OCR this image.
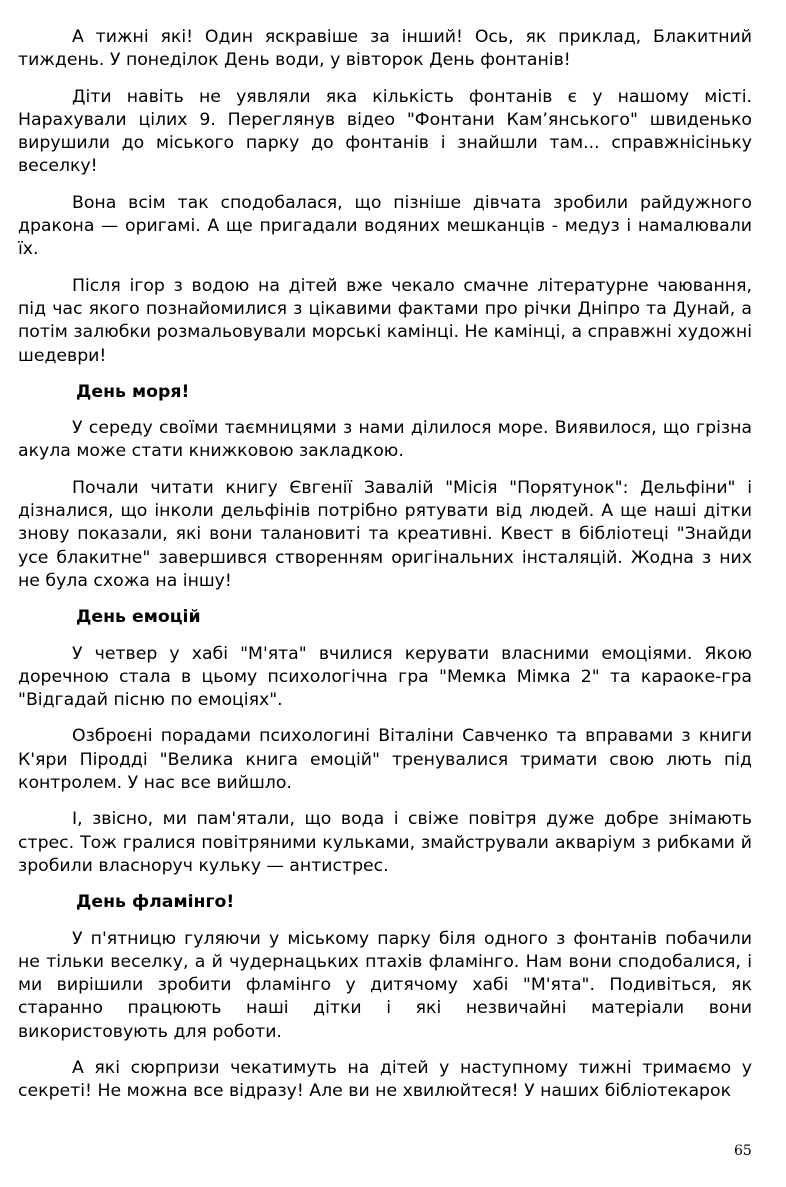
А тижні які! Один яскравіше за інший! Ось, як приклад, Блакитний тиждень. У понеділок День води, у вівторок День фонтанів!

Діти навіть не уявляли яка кількість фонтанів є у нашому місті. Нарахували цілих 9. Переглянув відео "Фонтани Кам’янського" швиденько вирушили до міського парку до фонтанів і знайшли там... справжнісіньку веселку!

Вона всім так сподобалася, що пізніше дівчата зробили райдужного дракона — оригамі. А ще пригадали водяних мешканців - медуз і намалювали їх.

Після ігор з водою на дітей вже чекало смачне літературне чаювання, під час якого познайомилися з цікавими фактами про річки Дніпро та Дунай, а потім залюбки розмальовували морські камінці. Не камінці, а справжні художні шедеври!

День моря!

У середу своїми таємницями з нами ділилося море. Виявилося, що грізна акула може стати книжковою закладкою.

Почали читати книгу Євгенії Завалій "Місія "Порятунок": Дельфіни" і дізналися, що інколи дельфінів потрібно рятувати від людей. А ще наші дітки знову показали, які вони талановиті та креативні. Квест в бібліотеці "Знайди усе блакитне" завершився створенням оригінальних інсталяцій. Жодна з них не була схожа на іншу!

День емоцій

У четвер у хабі "М'ята" вчилися керувати власними емоціями. Якою доречною стала в цьому психологічна гра "Мемка Мімка 2" та караоке-гра "Відгадай пісню по емоціях".

Озброєні порадами психологині Віталіни Савченко та вправами з книги К'яри Піродді "Велика книга емоцій" тренувалися тримати свою лють під контролем. У нас все вийшло.

І, звісно, ми пам'ятали, що вода і свіже повітря дуже добре знімають стрес. Тож гралися повітряними кульками, змайстрували акваріум з рибками й зробили власноруч кульку — антистрес.

День фламінго!

У п'ятницю гуляючи у міському парку біля одного з фонтанів побачили не тільки веселку, а й чудернацьких птахів фламінго. Нам вони сподобалися, і ми вирішили зробити фламінго у дитячому хабі "М'ята". Подивіться, як старанно працюють наші дітки і які незвичайні матеріали вони використовують для роботи.

А які сюрпризи чекатимуть на дітей у наступному тижні тримаємо у секреті! Не можна все відразу! Але ви не хвилюйтеся! У наших бібліотекарок

65
